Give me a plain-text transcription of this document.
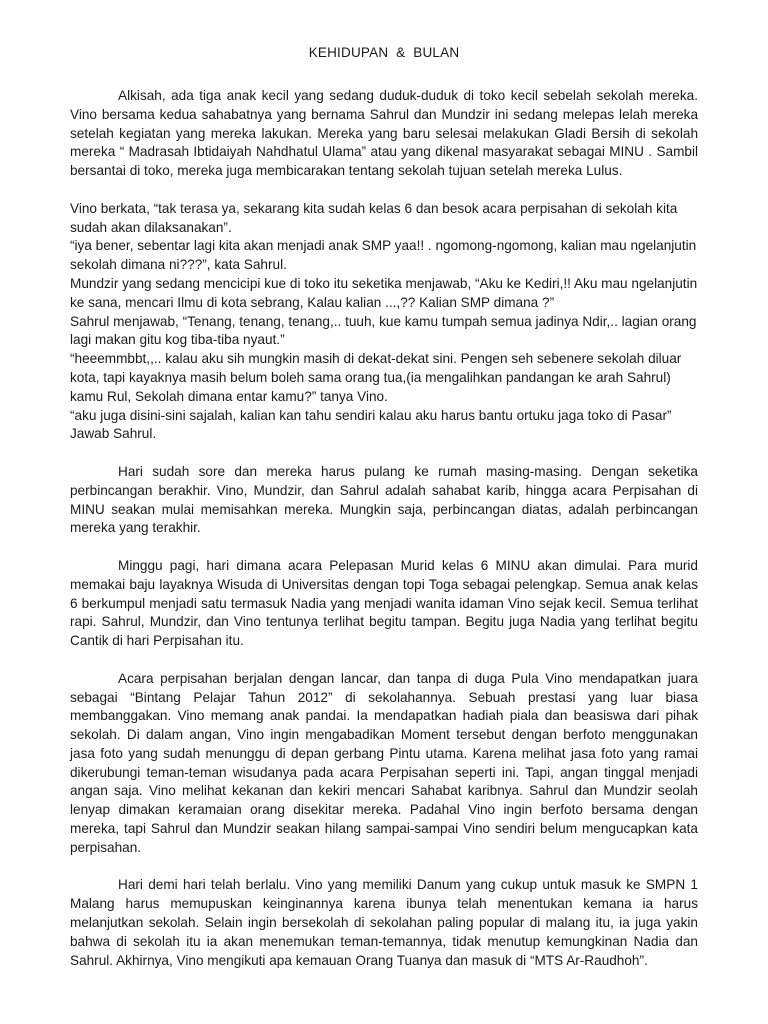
KEHIDUPAN  &  BULAN

Alkisah, ada tiga anak kecil yang sedang duduk-duduk di toko kecil sebelah sekolah mereka. Vino bersama kedua sahabatnya yang bernama Sahrul dan Mundzir ini sedang melepas lelah mereka setelah kegiatan yang mereka lakukan. Mereka yang baru selesai melakukan Gladi Bersih di sekolah mereka “ Madrasah Ibtidaiyah Nahdhatul Ulama” atau yang dikenal masyarakat sebagai MINU . Sambil bersantai di toko, mereka juga membicarakan tentang sekolah tujuan setelah mereka Lulus.

Vino berkata, “tak terasa ya, sekarang kita sudah kelas 6 dan besok acara perpisahan di sekolah kita sudah akan dilaksanakan”.
“iya bener, sebentar lagi kita akan menjadi anak SMP yaa!! . ngomong-ngomong, kalian mau ngelanjutin sekolah dimana ni???”, kata Sahrul.
Mundzir yang sedang mencicipi kue di toko itu seketika menjawab, “Aku ke Kediri,!! Aku mau ngelanjutin ke sana, mencari Ilmu di kota sebrang, Kalau kalian ...,?? Kalian SMP dimana ?”
Sahrul menjawab, “Tenang, tenang, tenang,.. tuuh, kue kamu tumpah semua jadinya Ndir,.. lagian orang lagi makan gitu kog tiba-tiba nyaut.”
“heeemmbbt,,.. kalau aku sih mungkin masih di dekat-dekat sini. Pengen seh sebenere sekolah diluar kota, tapi kayaknya masih belum boleh sama orang tua,(ia mengalihkan pandangan ke arah Sahrul) kamu Rul, Sekolah dimana entar kamu?” tanya Vino.
“aku juga disini-sini sajalah, kalian kan tahu sendiri kalau aku harus bantu ortuku jaga toko di Pasar” Jawab Sahrul.

Hari sudah sore dan mereka harus pulang ke rumah masing-masing. Dengan seketika perbincangan berakhir. Vino, Mundzir, dan Sahrul adalah sahabat karib, hingga acara Perpisahan di MINU seakan mulai memisahkan mereka. Mungkin saja, perbincangan diatas, adalah perbincangan mereka yang terakhir.

Minggu pagi, hari dimana acara Pelepasan Murid kelas 6 MINU akan dimulai. Para murid memakai baju layaknya Wisuda di Universitas dengan topi Toga sebagai pelengkap. Semua anak kelas 6 berkumpul menjadi satu termasuk Nadia yang menjadi wanita idaman Vino sejak kecil. Semua terlihat rapi. Sahrul, Mundzir, dan Vino tentunya terlihat begitu tampan. Begitu juga Nadia yang terlihat begitu Cantik di hari Perpisahan itu.

Acara perpisahan berjalan dengan lancar, dan tanpa di duga Pula Vino mendapatkan juara sebagai “Bintang Pelajar Tahun 2012” di sekolahannya. Sebuah prestasi yang luar biasa membanggakan. Vino memang anak pandai. Ia mendapatkan hadiah piala dan beasiswa dari pihak sekolah. Di dalam angan, Vino ingin mengabadikan Moment tersebut dengan berfoto menggunakan jasa foto yang sudah menunggu di depan gerbang Pintu utama. Karena melihat jasa foto yang ramai dikerubungi teman-teman wisudanya pada acara Perpisahan seperti ini. Tapi, angan tinggal menjadi angan saja. Vino melihat kekanan dan kekiri mencari Sahabat karibnya. Sahrul dan Mundzir seolah lenyap dimakan keramaian orang disekitar mereka. Padahal Vino ingin berfoto bersama dengan mereka, tapi Sahrul dan Mundzir seakan hilang sampai-sampai Vino sendiri belum mengucapkan kata perpisahan.

Hari demi hari telah berlalu. Vino yang memiliki Danum yang cukup untuk masuk ke SMPN 1 Malang harus memupuskan keinginannya karena ibunya telah menentukan kemana ia harus melanjutkan sekolah. Selain ingin bersekolah di sekolahan paling popular di malang itu, ia juga yakin bahwa di sekolah itu ia akan menemukan teman-temannya, tidak menutup kemungkinan Nadia dan Sahrul. Akhirnya, Vino mengikuti apa kemauan Orang Tuanya dan masuk di “MTS Ar-Raudhoh”.
